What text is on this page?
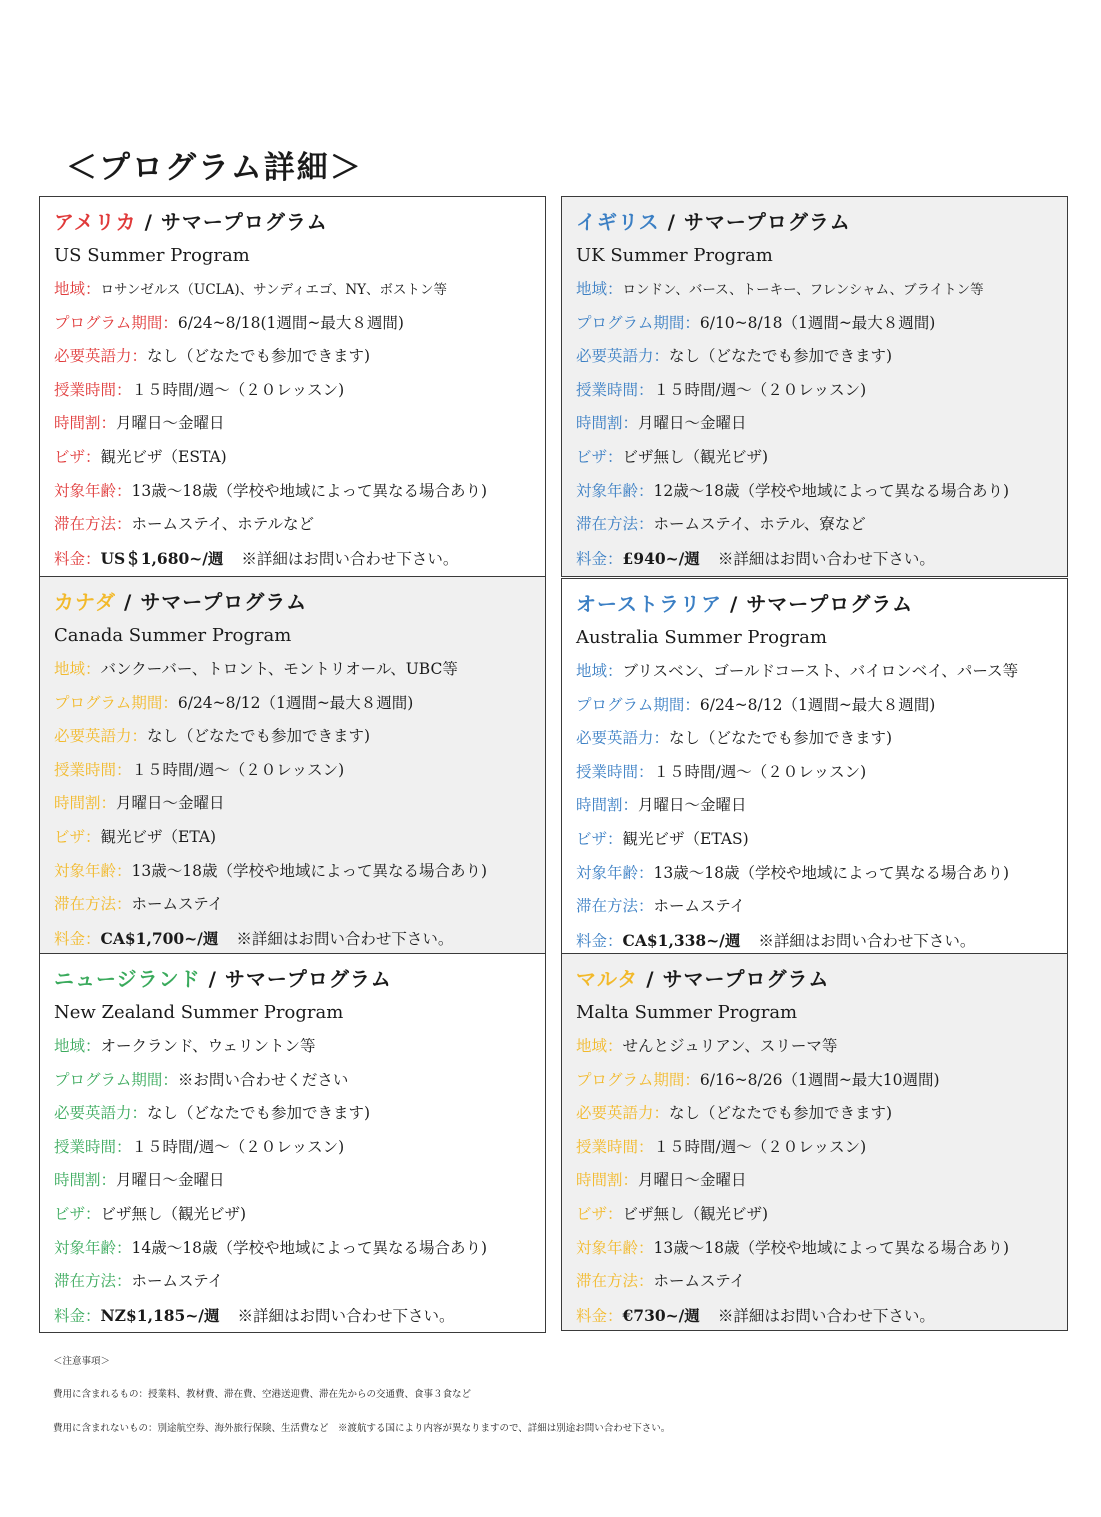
＜プログラム詳細＞
アメリカ / サマープログラム
US Summer Program
地域：ロサンゼルス（UCLA)、サンディエゴ、NY、ボストン等
プログラム期間：6/24~8/18(1週間~最大８週間)
必要英語力：なし（どなたでも参加できます)
授業時間：１５時間/週〜（２０レッスン)
時間割：月曜日〜金曜日
ビザ：観光ビザ（ESTA)
対象年齢：13歳〜18歳（学校や地域によって異なる場合あり)
滞在方法：ホームステイ、ホテルなど
料金：US＄1,680~/週 ※詳細はお問い合わせ下さい。
イギリス / サマープログラム
UK Summer Program
地域：ロンドン、バース、トーキー、フレンシャム、ブライトン等
プログラム期間：6/10~8/18（1週間~最大８週間)
必要英語力：なし（どなたでも参加できます)
授業時間：１５時間/週〜（２０レッスン)
時間割：月曜日〜金曜日
ビザ：ビザ無し（観光ビザ)
対象年齢：12歳〜18歳（学校や地域によって異なる場合あり)
滞在方法：ホームステイ、ホテル、寮など
料金：£940~/週 ※詳細はお問い合わせ下さい。
カナダ / サマープログラム
Canada Summer Program
地域：バンクーバー、トロント、モントリオール、UBC等
プログラム期間：6/24~8/12（1週間~最大８週間)
必要英語力：なし（どなたでも参加できます)
授業時間：１５時間/週〜（２０レッスン)
時間割：月曜日〜金曜日
ビザ：観光ビザ（ETA)
対象年齢：13歳〜18歳（学校や地域によって異なる場合あり)
滞在方法：ホームステイ
料金：CA$1,700~/週 ※詳細はお問い合わせ下さい。
オーストラリア / サマープログラム
Australia Summer Program
地域：ブリスベン、ゴールドコースト、バイロンベイ、パース等
プログラム期間：6/24~8/12（1週間~最大８週間)
必要英語力：なし（どなたでも参加できます)
授業時間：１５時間/週〜（２０レッスン)
時間割：月曜日〜金曜日
ビザ：観光ビザ（ETAS)
対象年齢：13歳〜18歳（学校や地域によって異なる場合あり)
滞在方法：ホームステイ
料金：CA$1,338~/週 ※詳細はお問い合わせ下さい。
ニュージランド / サマープログラム
New Zealand Summer Program
地域：オークランド、ウェリントン等
プログラム期間：※お問い合わせください
必要英語力：なし（どなたでも参加できます)
授業時間：１５時間/週〜（２０レッスン)
時間割：月曜日〜金曜日
ビザ：ビザ無し（観光ビザ)
対象年齢：14歳〜18歳（学校や地域によって異なる場合あり)
滞在方法：ホームステイ
料金：NZ$1,185~/週 ※詳細はお問い合わせ下さい。
マルタ / サマープログラム
Malta Summer Program
地域：せんとジュリアン、スリーマ等
プログラム期間：6/16~8/26（1週間~最大10週間)
必要英語力：なし（どなたでも参加できます)
授業時間：１５時間/週〜（２０レッスン)
時間割：月曜日〜金曜日
ビザ：ビザ無し（観光ビザ)
対象年齢：13歳〜18歳（学校や地域によって異なる場合あり)
滞在方法：ホームステイ
料金：€730~/週 ※詳細はお問い合わせ下さい。
＜注意事項＞
費用に含まれるもの：授業料、教材費、滞在費、空港送迎費、滞在先からの交通費、食事３食など
費用に含まれないもの：別途航空券、海外旅行保険、生活費など　※渡航する国により内容が異なりますので、詳細は別途お問い合わせ下さい。
